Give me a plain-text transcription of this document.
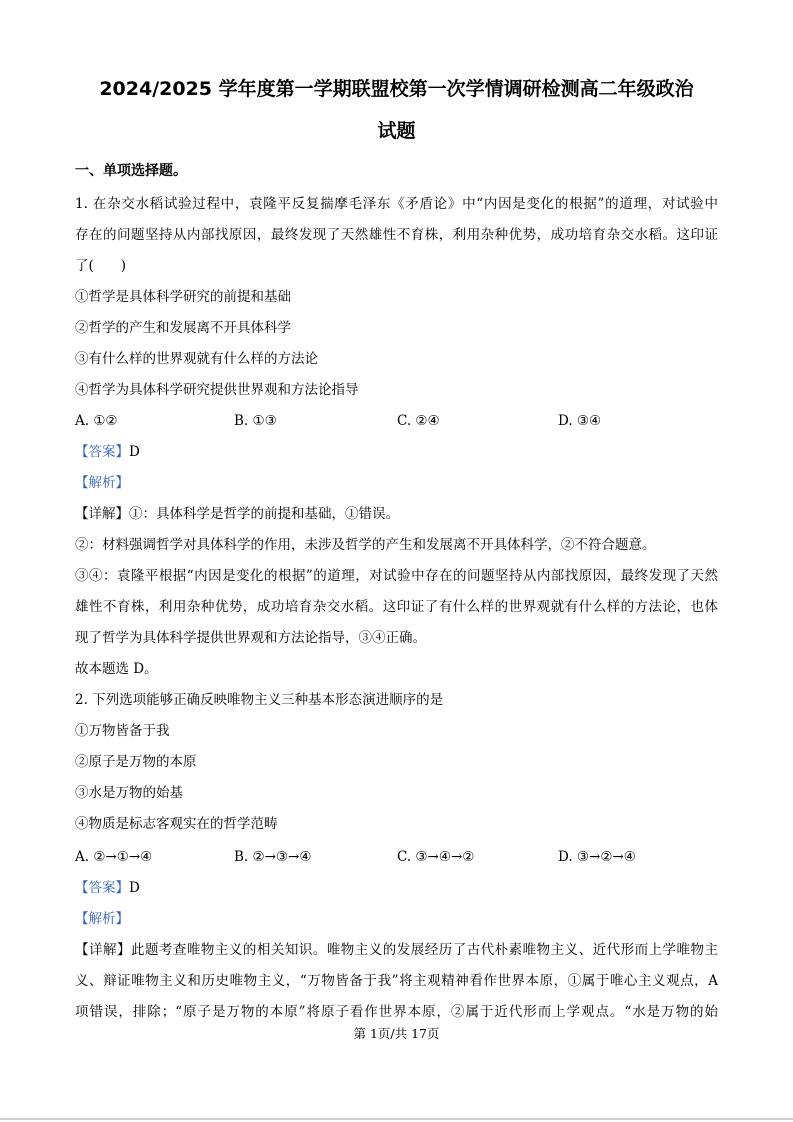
2024/2025 学年度第一学期联盟校第一次学情调研检测高二年级政治
试题
一、单项选择题。
1. 在杂交水稻试验过程中，袁隆平反复揣摩毛泽东《矛盾论》中“内因是变化的根据”的道理，对试验中
存在的问题坚持从内部找原因，最终发现了天然雄性不育株，利用杂种优势，成功培育杂交水稻。这印证
了(　　)
①哲学是具体科学研究的前提和基础
②哲学的产生和发展离不开具体科学
③有什么样的世界观就有什么样的方法论
④哲学为具体科学研究提供世界观和方法论指导
A. ①②	B. ①③	C. ②④	D. ③④
【答案】D
【解析】
【详解】①：具体科学是哲学的前提和基础，①错误。
②：材料强调哲学对具体科学的作用，未涉及哲学的产生和发展离不开具体科学，②不符合题意。
③④：袁隆平根据“内因是变化的根据”的道理，对试验中存在的问题坚持从内部找原因，最终发现了天然
雄性不育株，利用杂种优势，成功培育杂交水稻。这印证了有什么样的世界观就有什么样的方法论，也体
现了哲学为具体科学提供世界观和方法论指导，③④正确。
故本题选 D。
2. 下列选项能够正确反映唯物主义三种基本形态演进顺序的是
①万物皆备于我
②原子是万物的本原
③水是万物的始基
④物质是标志客观实在的哲学范畴
A. ②→①→④	B. ②→③→④	C. ③→④→②	D. ③→②→④
【答案】D
【解析】
【详解】此题考查唯物主义的相关知识。唯物主义的发展经历了古代朴素唯物主义、近代形而上学唯物主
义、辩证唯物主义和历史唯物主义，“万物皆备于我”将主观精神看作世界本原，①属于唯心主义观点，A
项错误，排除；“原子是万物的本原”将原子看作世界本原，②属于近代形而上学观点。“水是万物的始
第 1页/共 17页
